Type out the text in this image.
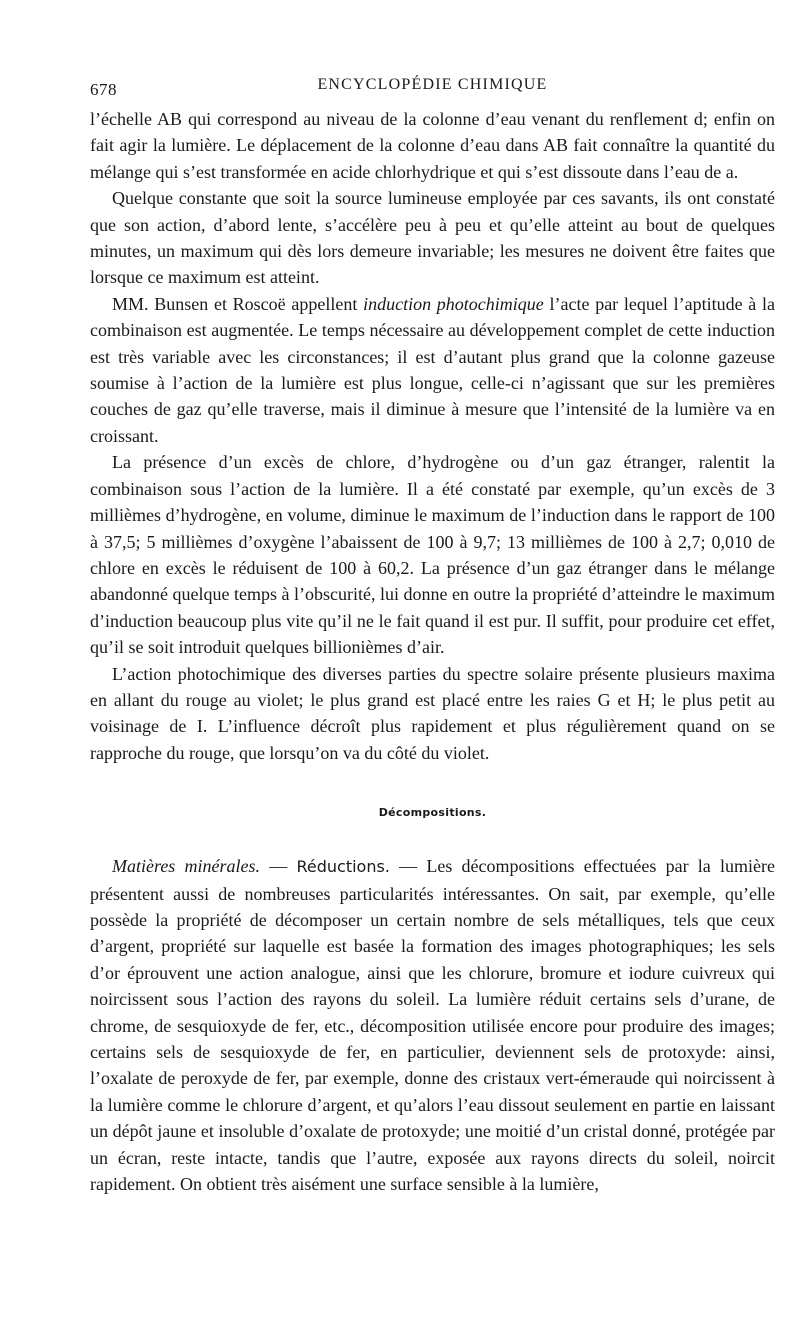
678	ENCYCLOPÉDIE CHIMIQUE

l’échelle AB qui correspond au niveau de la colonne d’eau venant du renflement d; enfin on fait agir la lumière. Le déplacement de la colonne d’eau dans AB fait connaître la quantité du mélange qui s’est transformée en acide chlorhydrique et qui s’est dissoute dans l’eau de a.

Quelque constante que soit la source lumineuse employée par ces savants, ils ont constaté que son action, d’abord lente, s’accélère peu à peu et qu’elle atteint au bout de quelques minutes, un maximum qui dès lors demeure invariable; les mesures ne doivent être faites que lorsque ce maximum est atteint.

MM. Bunsen et Roscoë appellent induction photochimique l’acte par lequel l’aptitude à la combinaison est augmentée. Le temps nécessaire au développement complet de cette induction est très variable avec les circonstances; il est d’autant plus grand que la colonne gazeuse soumise à l’action de la lumière est plus longue, celle-ci n’agissant que sur les premières couches de gaz qu’elle traverse, mais il diminue à mesure que l’intensité de la lumière va en croissant.

La présence d’un excès de chlore, d’hydrogène ou d’un gaz étranger, ralentit la combinaison sous l’action de la lumière. Il a été constaté par exemple, qu’un excès de 3 millièmes d’hydrogène, en volume, diminue le maximum de l’induction dans le rapport de 100 à 37,5; 5 millièmes d’oxygène l’abaissent de 100 à 9,7; 13 millièmes de 100 à 2,7; 0,010 de chlore en excès le réduisent de 100 à 60,2. La présence d’un gaz étranger dans le mélange abandonné quelque temps à l’obscurité, lui donne en outre la propriété d’atteindre le maximum d’induction beaucoup plus vite qu’il ne le fait quand il est pur. Il suffit, pour produire cet effet, qu’il se soit introduit quelques billionièmes d’air.

L’action photochimique des diverses parties du spectre solaire présente plusieurs maxima en allant du rouge au violet; le plus grand est placé entre les raies G et H; le plus petit au voisinage de I. L’influence décroît plus rapidement et plus régulièrement quand on se rapproche du rouge, que lorsqu’on va du côté du violet.

Décompositions.

Matières minérales. — Réductions. — Les décompositions effectuées par la lumière présentent aussi de nombreuses particularités intéressantes. On sait, par exemple, qu’elle possède la propriété de décomposer un certain nombre de sels métalliques, tels que ceux d’argent, propriété sur laquelle est basée la formation des images photographiques; les sels d’or éprouvent une action analogue, ainsi que les chlorure, bromure et iodure cuivreux qui noircissent sous l’action des rayons du soleil. La lumière réduit certains sels d’urane, de chrome, de sesquioxyde de fer, etc., décomposition utilisée encore pour produire des images; certains sels de sesquioxyde de fer, en particulier, deviennent sels de protoxyde: ainsi, l’oxalate de peroxyde de fer, par exemple, donne des cristaux vert-émeraude qui noircissent à la lumière comme le chlorure d’argent, et qu’alors l’eau dissout seulement en partie en laissant un dépôt jaune et insoluble d’oxalate de protoxyde; une moitié d’un cristal donné, protégée par un écran, reste intacte, tandis que l’autre, exposée aux rayons directs du soleil, noircit rapidement. On obtient très aisément une surface sensible à la lumière,
